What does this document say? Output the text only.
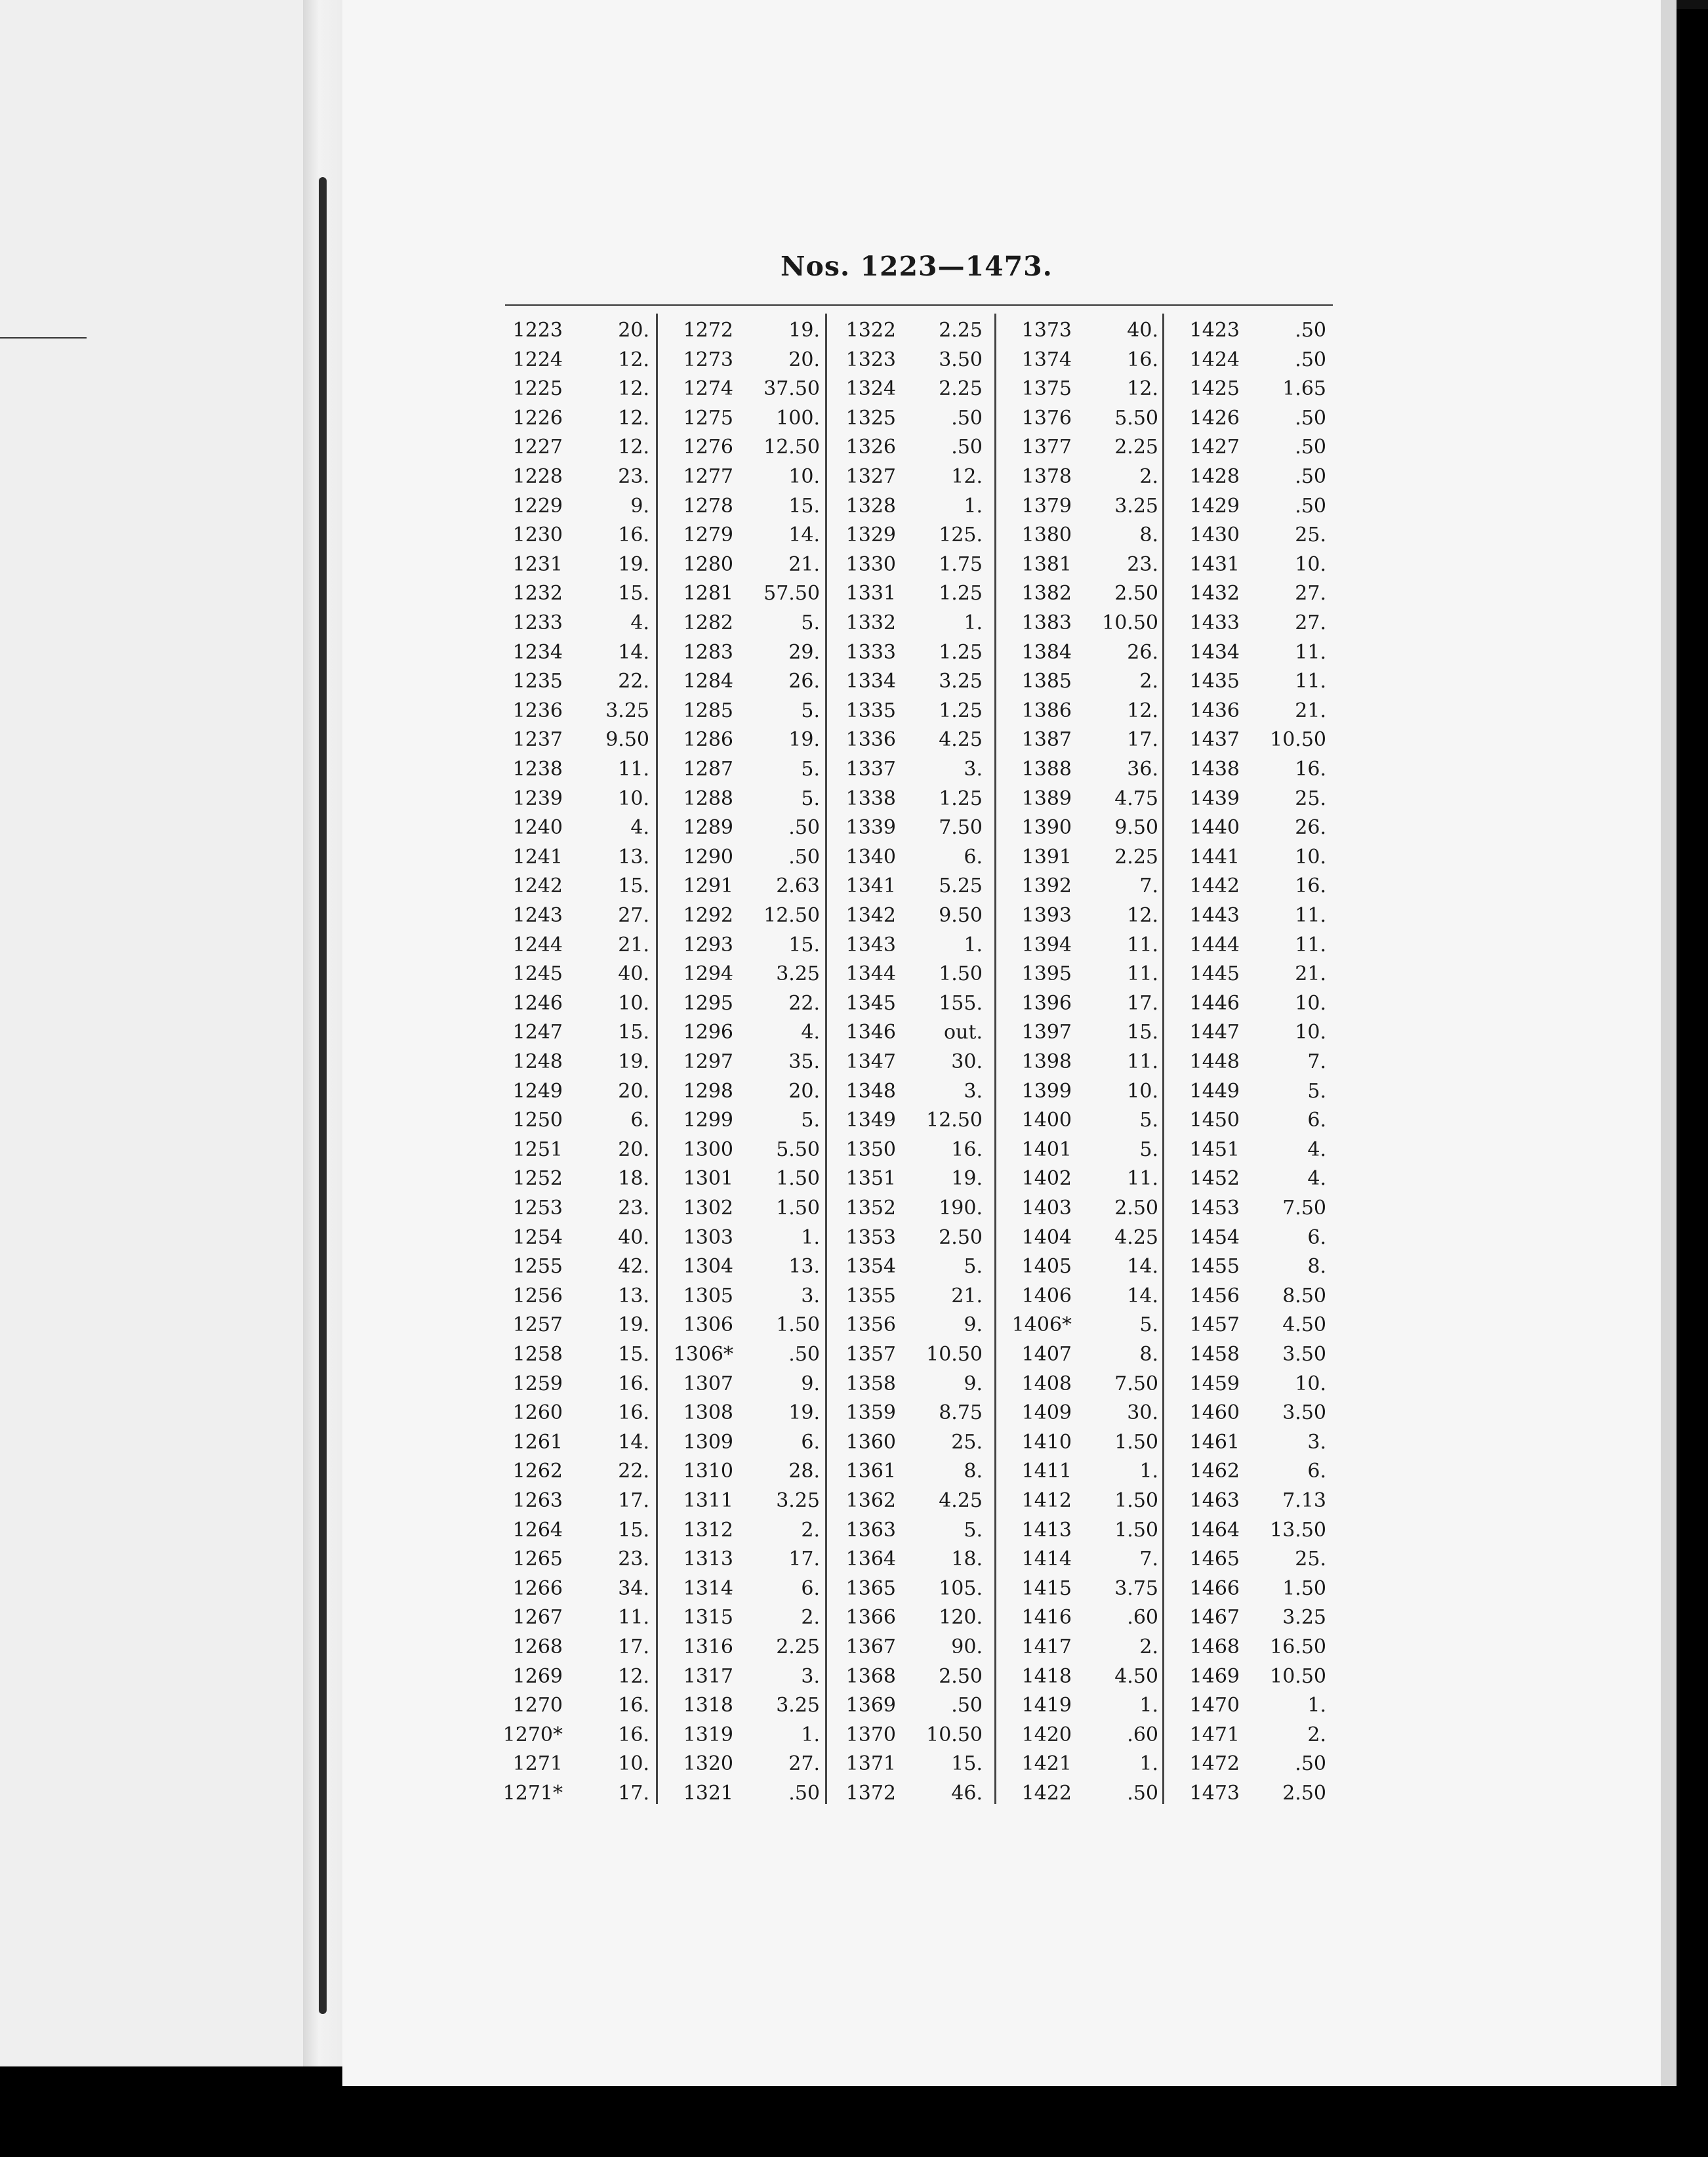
Nos. 1223—1473.
1223	20.
1224	12.
1225	12.
1226	12.
1227	12.
1228	23.
1229	9.
1230	16.
1231	19.
1232	15.
1233	4.
1234	14.
1235	22.
1236	3.25
1237	9.50
1238	11.
1239	10.
1240	4.
1241	13.
1242	15.
1243	27.
1244	21.
1245	40.
1246	10.
1247	15.
1248	19.
1249	20.
1250	6.
1251	20.
1252	18.
1253	23.
1254	40.
1255	42.
1256	13.
1257	19.
1258	15.
1259	16.
1260	16.
1261	14.
1262	22.
1263	17.
1264	15.
1265	23.
1266	34.
1267	11.
1268	17.
1269	12.
1270	16.
1270*	16.
1271	10.
1271*	17.
1272	19.
1273	20.
1274	37.50
1275	100.
1276	12.50
1277	10.
1278	15.
1279	14.
1280	21.
1281	57.50
1282	5.
1283	29.
1284	26.
1285	5.
1286	19.
1287	5.
1288	5.
1289	.50
1290	.50
1291	2.63
1292	12.50
1293	15.
1294	3.25
1295	22.
1296	4.
1297	35.
1298	20.
1299	5.
1300	5.50
1301	1.50
1302	1.50
1303	1.
1304	13.
1305	3.
1306	1.50
1306*	.50
1307	9.
1308	19.
1309	6.
1310	28.
1311	3.25
1312	2.
1313	17.
1314	6.
1315	2.
1316	2.25
1317	3.
1318	3.25
1319	1.
1320	27.
1321	.50
1322	2.25
1323	3.50
1324	2.25
1325	.50
1326	.50
1327	12.
1328	1.
1329	125.
1330	1.75
1331	1.25
1332	1.
1333	1.25
1334	3.25
1335	1.25
1336	4.25
1337	3.
1338	1.25
1339	7.50
1340	6.
1341	5.25
1342	9.50
1343	1.
1344	1.50
1345	155.
1346	out.
1347	30.
1348	3.
1349	12.50
1350	16.
1351	19.
1352	190.
1353	2.50
1354	5.
1355	21.
1356	9.
1357	10.50
1358	9.
1359	8.75
1360	25.
1361	8.
1362	4.25
1363	5.
1364	18.
1365	105.
1366	120.
1367	90.
1368	2.50
1369	.50
1370	10.50
1371	15.
1372	46.
1373	40.
1374	16.
1375	12.
1376	5.50
1377	2.25
1378	2.
1379	3.25
1380	8.
1381	23.
1382	2.50
1383	10.50
1384	26.
1385	2.
1386	12.
1387	17.
1388	36.
1389	4.75
1390	9.50
1391	2.25
1392	7.
1393	12.
1394	11.
1395	11.
1396	17.
1397	15.
1398	11.
1399	10.
1400	5.
1401	5.
1402	11.
1403	2.50
1404	4.25
1405	14.
1406	14.
1406*	5.
1407	8.
1408	7.50
1409	30.
1410	1.50
1411	1.
1412	1.50
1413	1.50
1414	7.
1415	3.75
1416	.60
1417	2.
1418	4.50
1419	1.
1420	.60
1421	1.
1422	.50
1423	.50
1424	.50
1425	1.65
1426	.50
1427	.50
1428	.50
1429	.50
1430	25.
1431	10.
1432	27.
1433	27.
1434	11.
1435	11.
1436	21.
1437	10.50
1438	16.
1439	25.
1440	26.
1441	10.
1442	16.
1443	11.
1444	11.
1445	21.
1446	10.
1447	10.
1448	7.
1449	5.
1450	6.
1451	4.
1452	4.
1453	7.50
1454	6.
1455	8.
1456	8.50
1457	4.50
1458	3.50
1459	10.
1460	3.50
1461	3.
1462	6.
1463	7.13
1464	13.50
1465	25.
1466	1.50
1467	3.25
1468	16.50
1469	10.50
1470	1.
1471	2.
1472	.50
1473	2.50
